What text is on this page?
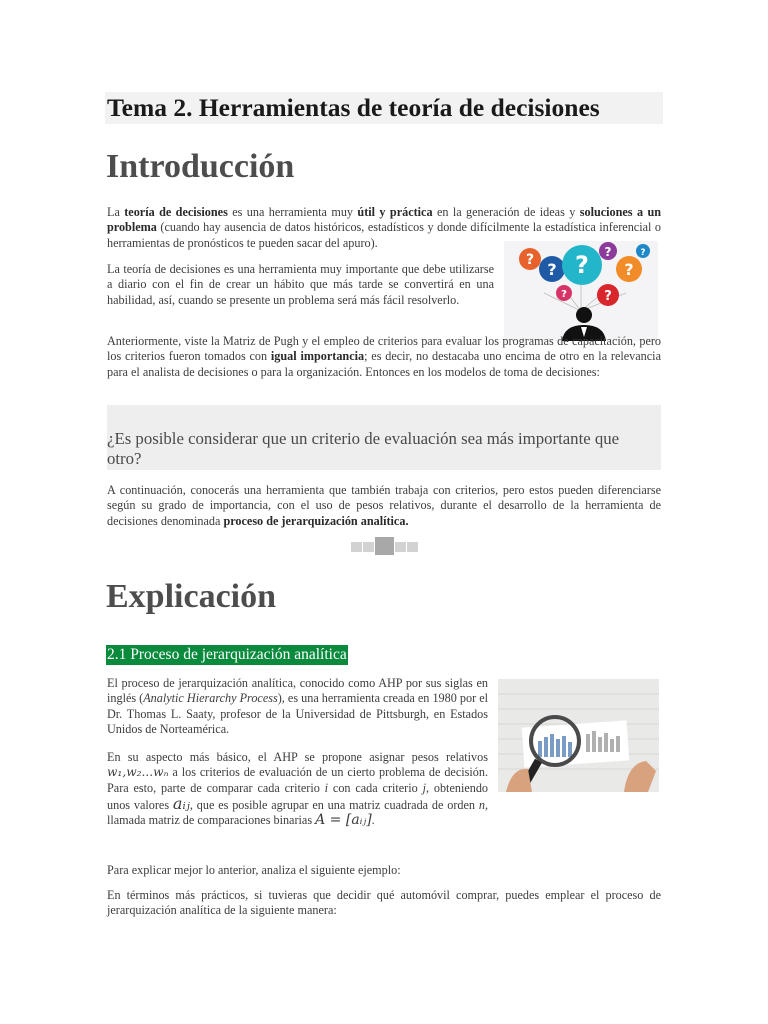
Tema 2. Herramientas de teoría de decisiones
Introducción

La teoría de decisiones es una herramienta muy útil y práctica en la generación de ideas y soluciones a un problema (cuando hay ausencia de datos históricos, estadísticos y donde difícilmente la estadística inferencial o herramientas de pronósticos te pueden sacar del apuro).

La teoría de decisiones es una herramienta muy importante que debe utilizarse a diario con el fin de crear un hábito que más tarde se convertirá en una habilidad, así, cuando se presente un problema será más fácil resolverlo.

? ? ? ?
?
?	?
?

Anteriormente, viste la Matriz de Pugh y el empleo de criterios para evaluar los programas de capacitación, pero los criterios fueron tomados con igual importancia; es decir, no destacaba uno encima de otro en la relevancia para el analista de decisiones o para la organización. Entonces en los modelos de toma de decisiones:

¿Es posible considerar que un criterio de evaluación sea más importante que otro?

A continuación, conocerás una herramienta que también trabaja con criterios, pero estos pueden diferenciarse según su grado de importancia, con el uso de pesos relativos, durante el desarrollo de la herramienta de decisiones denominada proceso de jerarquización analítica.

Explicación
2.1 Proceso de jerarquización analítica

El proceso de jerarquización analítica, conocido como AHP por sus siglas en inglés (Analytic Hierarchy Process), es una herramienta creada en 1980 por el Dr. Thomas L. Saaty, profesor de la Universidad de Pittsburgh, en Estados Unidos de Norteamérica.

En su aspecto más básico, el AHP se propone asignar pesos relativos w₁,w₂...wₙ a los criterios de evaluación de un cierto problema de decisión. Para esto, parte de comparar cada criterio i con cada criterio j, obteniendo unos valores aᵢⱼ, que es posible agrupar en una matriz cuadrada de orden n, llamada matriz de comparaciones binarias A = [aᵢⱼ].

Para explicar mejor lo anterior, analiza el siguiente ejemplo:

En términos más prácticos, si tuvieras que decidir qué automóvil comprar, puedes emplear el proceso de jerarquización analítica de la siguiente manera:
